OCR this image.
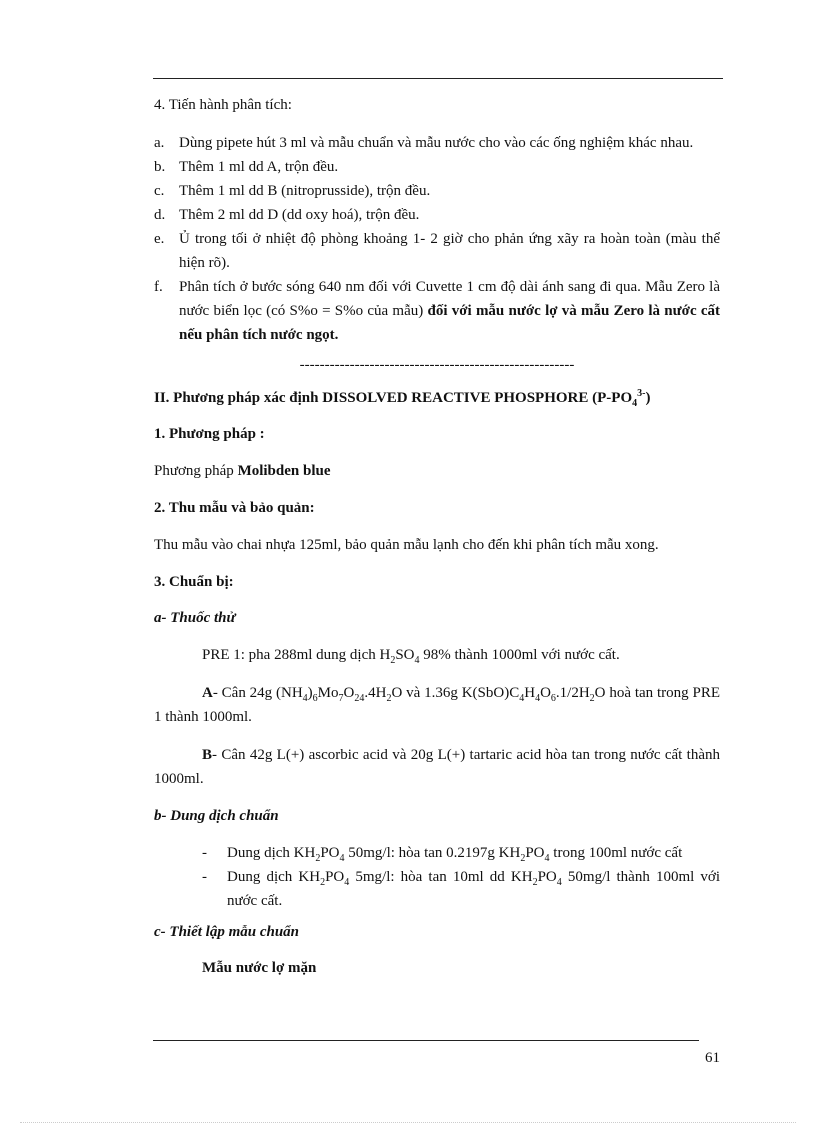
4. Tiến hành phân tích:

a. Dùng pipete hút 3 ml và mẫu chuẩn và mẫu nước cho vào các ống nghiệm khác nhau.
b. Thêm 1 ml dd A, trộn đều.
c. Thêm 1 ml dd B (nitroprusside), trộn đều.
d. Thêm 2 ml dd D (dd oxy hoá), trộn đều.
e. Ủ trong tối ở nhiệt độ phòng khoảng 1- 2 giờ cho phản ứng xãy ra hoàn toàn (màu thể hiện rõ).
f. Phân tích ở bước sóng 640 nm đối với Cuvette 1 cm độ dài ánh sang đi qua. Mẫu Zero là nước biển lọc (có S%o = S%o của mẫu) đối với mẫu nước lợ và mẫu Zero là nước cất nếu phân tích nước ngọt.
-------------------------------------------------------

II. Phương pháp xác định DISSOLVED REACTIVE PHOSPHORE $(P-PO_4^{3-})$

1. Phương pháp :

Phương pháp Molibden blue

2. Thu mẫu và bảo quản:

Thu mẫu vào chai nhựa 125ml, bảo quản mẫu lạnh cho đến khi phân tích mẫu xong.

3. Chuẩn bị:

a- Thuốc thử

PRE 1: pha 288ml dung dịch $H_2SO_4$ 98% thành 1000ml với nước cất.

A- Cân 24g $(NH_4)_6Mo_7O_{24}.4H_2O$ và 1.36g $K(SbO)C_4H_4O_6.1/2H_2O$ hoà tan trong PRE 1 thành 1000ml.

B- Cân 42g L(+) ascorbic acid và 20g L(+) tartaric acid hòa tan trong nước cất thành 1000ml.

b- Dung dịch chuẩn

- Dung dịch $KH_2PO_4$ 50mg/l: hòa tan 0.2197g $KH_2PO_4$ trong 100ml nước cất
- Dung dịch $KH_2PO_4$ 5mg/l: hòa tan 10ml dd $KH_2PO_4$ 50mg/l thành 100ml với nước cất.

c- Thiết lập mẫu chuẩn

Mẫu nước lợ mặn

61
